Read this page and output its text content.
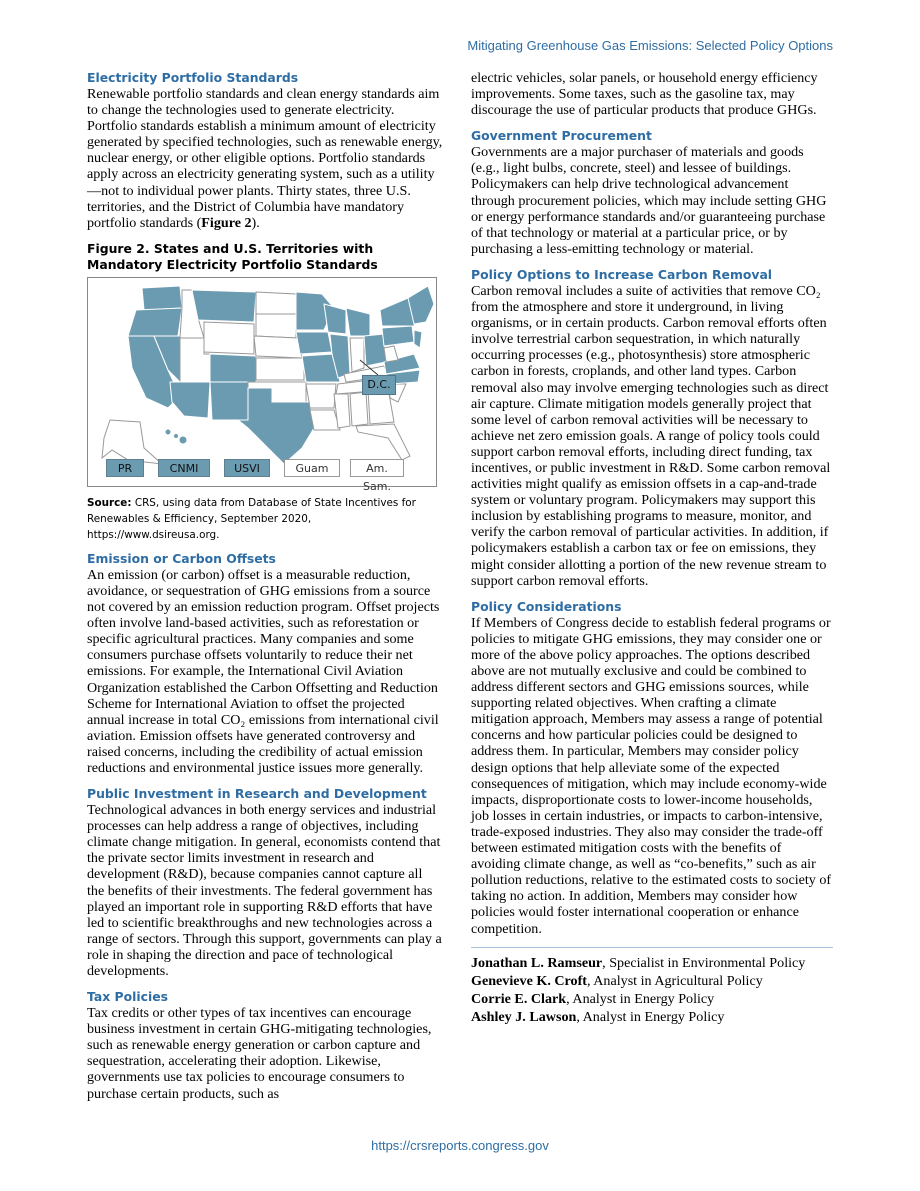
Mitigating Greenhouse Gas Emissions: Selected Policy Options
Electricity Portfolio Standards

Renewable portfolio standards and clean energy standards aim to change the technologies used to generate electricity. Portfolio standards establish a minimum amount of electricity generated by specified technologies, such as renewable energy, nuclear energy, or other eligible options. Portfolio standards apply across an electricity generating system, such as a utility—not to individual power plants. Thirty states, three U.S. territories, and the District of Columbia have mandatory portfolio standards (Figure 2).

Figure 2. States and U.S. Territories with Mandatory Electricity Portfolio Standards

D.C.
PR	CNMI	USVI	Guam	Am. Sam.

Source: CRS, using data from Database of State Incentives for Renewables & Efficiency, September 2020, https://www.dsireusa.org.

Emission or Carbon Offsets

An emission (or carbon) offset is a measurable reduction, avoidance, or sequestration of GHG emissions from a source not covered by an emission reduction program. Offset projects often involve land-based activities, such as reforestation or specific agricultural practices. Many companies and some consumers purchase offsets voluntarily to reduce their net emissions. For example, the International Civil Aviation Organization established the Carbon Offsetting and Reduction Scheme for International Aviation to offset the projected annual increase in total CO₂ emissions from international civil aviation. Emission offsets have generated controversy and raised concerns, including the credibility of actual emission reductions and environmental justice issues more generally.

Public Investment in Research and Development

Technological advances in both energy services and industrial processes can help address a range of objectives, including climate change mitigation. In general, economists contend that the private sector limits investment in research and development (R&D), because companies cannot capture all the benefits of their investments. The federal government has played an important role in supporting R&D efforts that have led to scientific breakthroughs and new technologies across a range of sectors. Through this support, governments can play a role in shaping the direction and pace of technological developments.

Tax Policies

Tax credits or other types of tax incentives can encourage business investment in certain GHG-mitigating technologies, such as renewable energy generation or carbon capture and sequestration, accelerating their adoption. Likewise, governments use tax policies to encourage consumers to purchase certain products, such as

electric vehicles, solar panels, or household energy efficiency improvements. Some taxes, such as the gasoline tax, may discourage the use of particular products that produce GHGs.

Government Procurement

Governments are a major purchaser of materials and goods (e.g., light bulbs, concrete, steel) and lessee of buildings. Policymakers can help drive technological advancement through procurement policies, which may include setting GHG or energy performance standards and/or guaranteeing purchase of that technology or material at a particular price, or by purchasing a less-emitting technology or material.

Policy Options to Increase Carbon Removal

Carbon removal includes a suite of activities that remove CO₂ from the atmosphere and store it underground, in living organisms, or in certain products. Carbon removal efforts often involve terrestrial carbon sequestration, in which naturally occurring processes (e.g., photosynthesis) store atmospheric carbon in forests, croplands, and other land types. Carbon removal also may involve emerging technologies such as direct air capture. Climate mitigation models generally project that some level of carbon removal activities will be necessary to achieve net zero emission goals. A range of policy tools could support carbon removal efforts, including direct funding, tax incentives, or public investment in R&D. Some carbon removal activities might qualify as emission offsets in a cap-and-trade system or voluntary program. Policymakers may support this inclusion by establishing programs to measure, monitor, and verify the carbon removal of particular activities. In addition, if policymakers establish a carbon tax or fee on emissions, they might consider allotting a portion of the new revenue stream to support carbon removal efforts.

Policy Considerations

If Members of Congress decide to establish federal programs or policies to mitigate GHG emissions, they may consider one or more of the above policy approaches. The options described above are not mutually exclusive and could be combined to address different sectors and GHG emissions sources, while supporting related objectives. When crafting a climate mitigation approach, Members may assess a range of potential concerns and how particular policies could be designed to address them. In particular, Members may consider policy design options that help alleviate some of the expected consequences of mitigation, which may include economy-wide impacts, disproportionate costs to lower-income households, job losses in certain industries, or impacts to carbon-intensive, trade-exposed industries. They also may consider the trade-off between estimated mitigation costs with the benefits of avoiding climate change, as well as “co-benefits,” such as air pollution reductions, relative to the estimated costs to society of taking no action. In addition, Members may consider how policies would foster international cooperation or enhance competition.

Jonathan L. Ramseur, Specialist in Environmental Policy
Genevieve K. Croft, Analyst in Agricultural Policy
Corrie E. Clark, Analyst in Energy Policy
Ashley J. Lawson, Analyst in Energy Policy
https://crsreports.congress.gov
